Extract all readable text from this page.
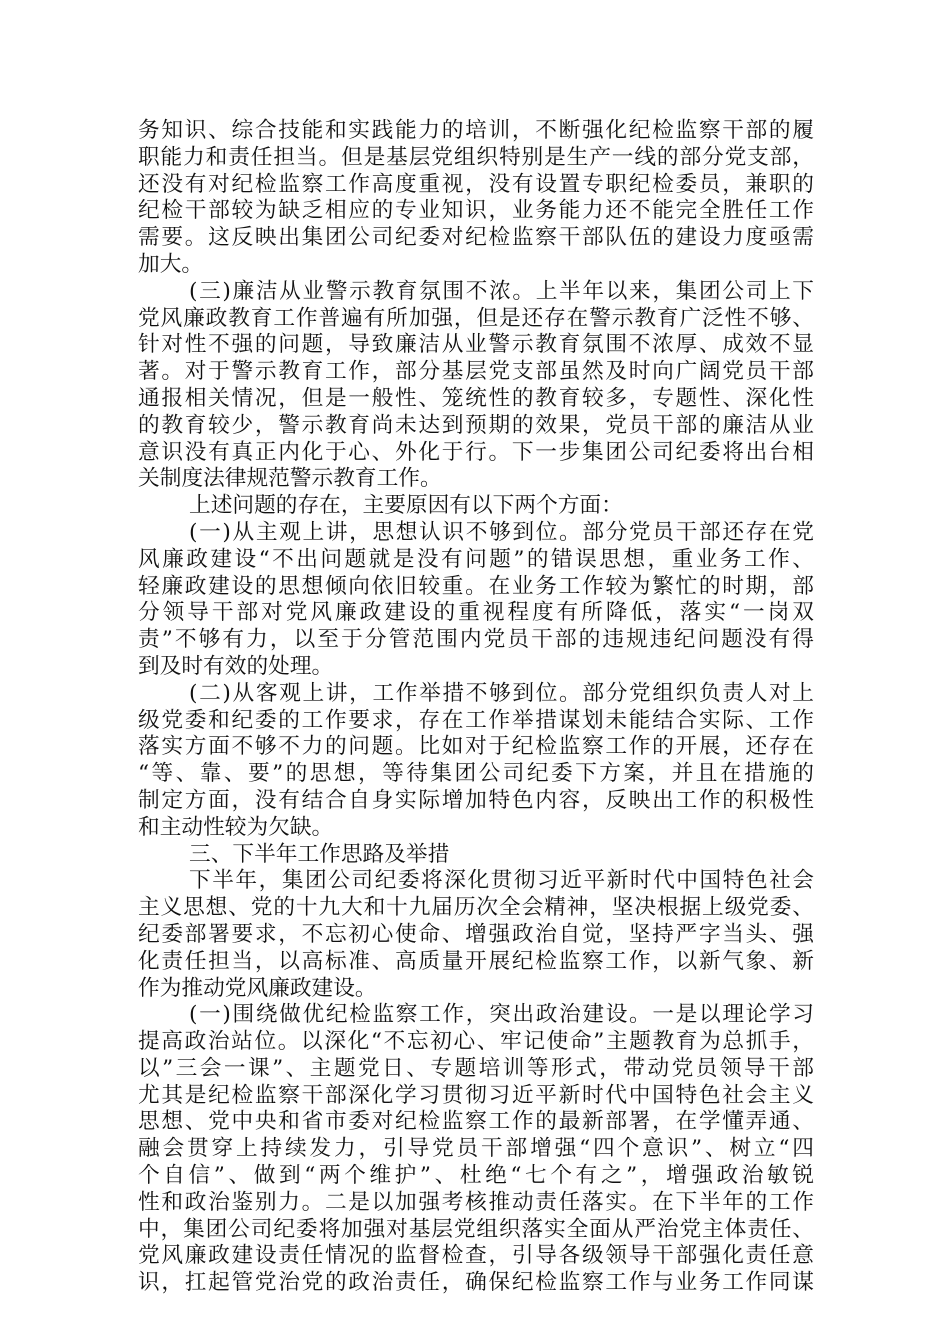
务知识、综合技能和实践能力的培训，不断强化纪检监察干部的履
职能力和责任担当。但是基层党组织特别是生产一线的部分党支部，
还没有对纪检监察工作高度重视，没有设置专职纪检委员，兼职的
纪检干部较为缺乏相应的专业知识，业务能力还不能完全胜任工作
需要。这反映出集团公司纪委对纪检监察干部队伍的建设力度亟需
加大。
(三)廉洁从业警示教育氛围不浓。上半年以来，集团公司上下
党风廉政教育工作普遍有所加强，但是还存在警示教育广泛性不够、
针对性不强的问题，导致廉洁从业警示教育氛围不浓厚、成效不显
著。对于警示教育工作，部分基层党支部虽然及时向广阔党员干部
通报相关情况，但是一般性、笼统性的教育较多，专题性、深化性
的教育较少，警示教育尚未达到预期的效果，党员干部的廉洁从业
意识没有真正内化于心、外化于行。下一步集团公司纪委将出台相
关制度法律规范警示教育工作。
上述问题的存在，主要原因有以下两个方面：
(一)从主观上讲，思想认识不够到位。部分党员干部还存在党
风廉政建设“不出问题就是没有问题”的错误思想，重业务工作、
轻廉政建设的思想倾向依旧较重。在业务工作较为繁忙的时期，部
分领导干部对党风廉政建设的重视程度有所降低，落实“一岗双
责”不够有力，以至于分管范围内党员干部的违规违纪问题没有得
到及时有效的处理。
(二)从客观上讲，工作举措不够到位。部分党组织负责人对上
级党委和纪委的工作要求，存在工作举措谋划未能结合实际、工作
落实方面不够不力的问题。比如对于纪检监察工作的开展，还存在
“等、靠、要”的思想，等待集团公司纪委下方案，并且在措施的
制定方面，没有结合自身实际增加特色内容，反映出工作的积极性
和主动性较为欠缺。
三、下半年工作思路及举措
下半年，集团公司纪委将深化贯彻习近平新时代中国特色社会
主义思想、党的十九大和十九届历次全会精神，坚决根据上级党委、
纪委部署要求，不忘初心使命、增强政治自觉，坚持严字当头、强
化责任担当，以高标准、高质量开展纪检监察工作，以新气象、新
作为推动党风廉政建设。
(一)围绕做优纪检监察工作，突出政治建设。一是以理论学习
提高政治站位。以深化“不忘初心、牢记使命”主题教育为总抓手，
以”三会一课”、主题党日、专题培训等形式，带动党员领导干部
尤其是纪检监察干部深化学习贯彻习近平新时代中国特色社会主义
思想、党中央和省市委对纪检监察工作的最新部署，在学懂弄通、
融会贯穿上持续发力，引导党员干部增强“四个意识”、树立“四
个自信”、做到“两个维护”、杜绝“七个有之”，增强政治敏锐
性和政治鉴别力。二是以加强考核推动责任落实。在下半年的工作
中，集团公司纪委将加强对基层党组织落实全面从严治党主体责任、
党风廉政建设责任情况的监督检查，引导各级领导干部强化责任意
识，扛起管党治党的政治责任，确保纪检监察工作与业务工作同谋
